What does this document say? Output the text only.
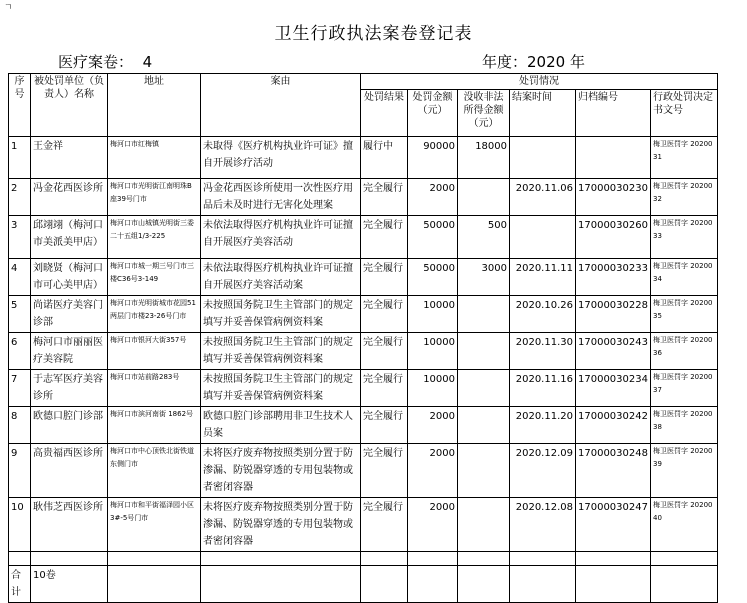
ㄱ
卫生行政执法案卷登记表
医疗案卷： 4	年度：2020 年
序号	被处罚单位（负责人）名称	地址	案由	处罚情况					
				处罚结果	处罚金额（元）	没收非法所得金额（元）	结案时间	归档编号	行政处罚决定书文号
1	王金祥	梅河口市红梅镇	未取得《医疗机构执业许可证》擅自开展诊疗活动	履行中	90000	18000			梅卫医罚字 2020031
2	冯金花西医诊所	梅河口市光明街江南明珠B座39号门市	冯金花西医诊所使用一次性医疗用品后未及时进行无害化处理案	完全履行	2000		2020.11.06	17000030230	梅卫医罚字 2020032
3	邱翊翊（梅河口市美派美甲店）	梅河口市山城镇光明街三委二十五组1/3-225	未依法取得医疗机构执业许可证擅自开展医疗美容活动	完全履行	50000	500		17000030260	梅卫医罚字 2020033
4	刘晓贤（梅河口市可心美甲店）	梅河口市城一期三号门市三楼C36号3-149	未依法取得医疗机构执业许可证擅自开展医疗美容活动案	完全履行	50000	3000	2020.11.11	17000030233	梅卫医罚字 2020034
5	尚诺医疗美容门诊部	梅河口市光明街城市花园51两层门市楼23-26号门市	未按照国务院卫生主管部门的规定填写并妥善保管病例资料案	完全履行	10000		2020.10.26	17000030228	梅卫医罚字 2020035
6	梅河口市丽丽医疗美容院	梅河口市银河大街357号	未按照国务院卫生主管部门的规定填写并妥善保管病例资料案	完全履行	10000		2020.11.30	17000030243	梅卫医罚字 2020036
7	于志军医疗美容诊所	梅河口市站前路283号	未按照国务院卫生主管部门的规定填写并妥善保管病例资料案	完全履行	10000		2020.11.16	17000030234	梅卫医罚字 2020037
8	欧德口腔门诊部	梅河口市滨河南街 1862号	欧德口腔门诊部聘用非卫生技术人员案	完全履行	2000		2020.11.20	17000030242	梅卫医罚字 2020038
9	高贵福西医诊所	梅河口市中心顶铁北街铁道东侧门市	未将医疗废弃物按照类别分置于防渗漏、防锐器穿透的专用包装物或者密闭容器	完全履行	2000		2020.12.09	17000030248	梅卫医罚字 2020039
10	耿伟芝西医诊所	梅河口市和平街福泽园小区3#-5号门市	未将医疗废弃物按照类别分置于防渗漏、防锐器穿透的专用包装物或者密闭容器	完全履行	2000		2020.12.08	17000030247	梅卫医罚字 2020040

合计	10卷								
